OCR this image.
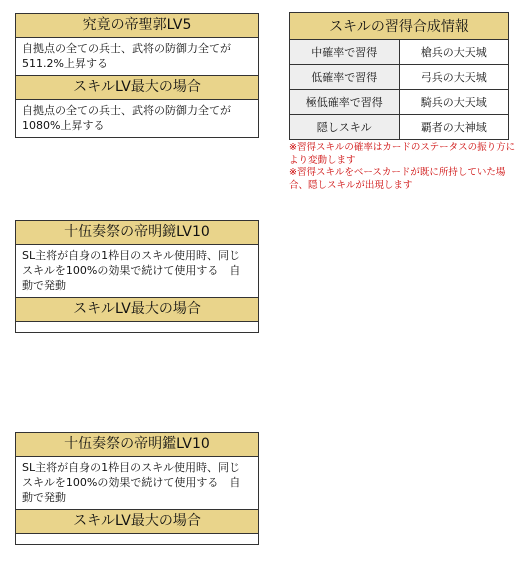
究竟の帝聖郭LV5
自拠点の全ての兵士、武将の防御力全てが
511.2%上昇する
スキルLV最大の場合
自拠点の全ての兵士、武将の防御力全てが
1080%上昇する
十伍奏祭の帝明鏡LV10
SL主将が自身の1枠目のスキル使用時、同じ
スキルを100%の効果で続けて使用する　自
動で発動
スキルLV最大の場合
十伍奏祭の帝明鑑LV10
SL主将が自身の1枠目のスキル使用時、同じ
スキルを100%の効果で続けて使用する　自
動で発動
スキルLV最大の場合
スキルの習得合成情報	
中確率で習得	槍兵の大天城
低確率で習得	弓兵の大天城
極低確率で習得	騎兵の大天域
隠しスキル	覇者の大神域
※習得スキルの確率はカードのステータスの振り方により変動します
※習得スキルをベースカードが既に所持していた場合、隠しスキルが出現します
